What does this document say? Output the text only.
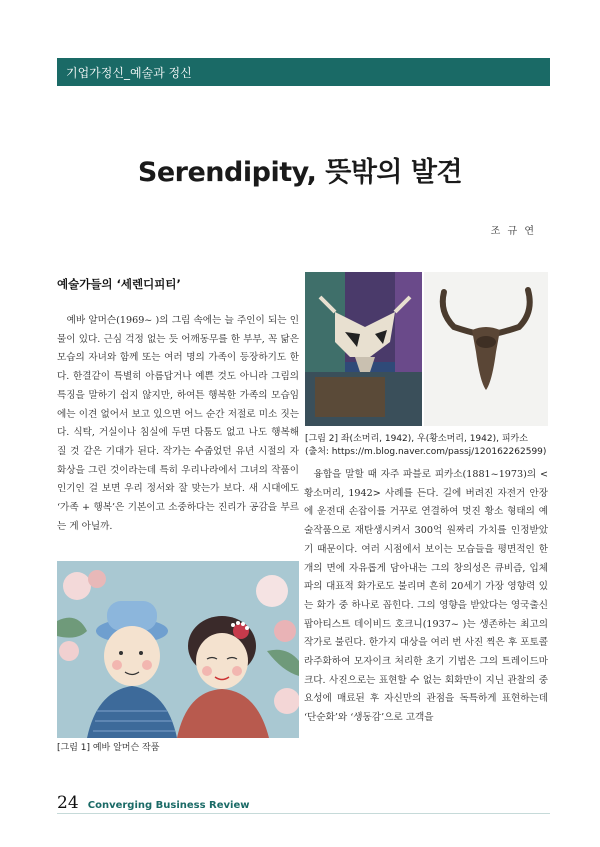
기업가정신_예술과 정신
Serendipity, 뜻밖의 발견
조 규 연
예술가들의 ‘세렌디피티’

예바 알머슨(1969~ )의 그림 속에는 늘 주인이 되는 인물이 있다. 근심 걱정 없는 듯 어깨동무를 한 부부, 꼭 닮은 모습의 자녀와 함께 또는 여러 명의 가족이 등장하기도 한다. 한결같이 특별히 아름답거나 예쁜 것도 아니라 그림의 특징을 말하기 쉽지 않지만, 하여튼 행복한 가족의 모습임에는 이견 없어서 보고 있으면 어느 순간 저절로 미소 짓는다. 식탁, 거실이나 침실에 두면 다툼도 없고 나도 행복해질 것 같은 기대가 된다. 작가는 수줍었던 유년 시절의 자화상을 그린 것이라는데 특히 우리나라에서 그녀의 작품이 인기인 걸 보면 우리 정서와 잘 맞는가 보다. 새 시대에도 ‘가족 + 행복’은 기본이고 소중하다는 진리가 공감을 부르는 게 아닐까.

[그림 1] 예바 알머슨 작품
[그림 2] 좌(소머리, 1942), 우(황소머리, 1942), 피카소
(출처: https://m.blog.naver.com/passj/120162262599)

융합을 말할 때 자주 파블로 피카소(1881~1973)의 <황소머리, 1942> 사례를 든다. 길에 버려진 자전거 안장에 운전대 손잡이를 거꾸로 연결하여 멋진 황소 형태의 예술작품으로 재탄생시켜서 300억 원짜리 가치를 인정받았기 때문이다. 여러 시점에서 보이는 모습들을 평면적인 한 개의 면에 자유롭게 담아내는 그의 창의성은 큐비즘, 입체파의 대표적 화가로도 불리며 흔히 20세기 가장 영향력 있는 화가 중 하나로 꼽힌다. 그의 영향을 받았다는 영국출신 팝아티스트 데이비드 호크니(1937~ )는 생존하는 최고의 작가로 불린다. 한가지 대상을 여러 번 사진 찍은 후 포토콜라주화하여 모자이크 처리한 초기 기법은 그의 트레이드마크다. 사진으로는 표현할 수 없는 회화만이 지닌 관찰의 중요성에 매료된 후 자신만의 관점을 독특하게 표현하는데 ‘단순화’와 ‘생동감’으로 고객을

24 Converging Business Review
